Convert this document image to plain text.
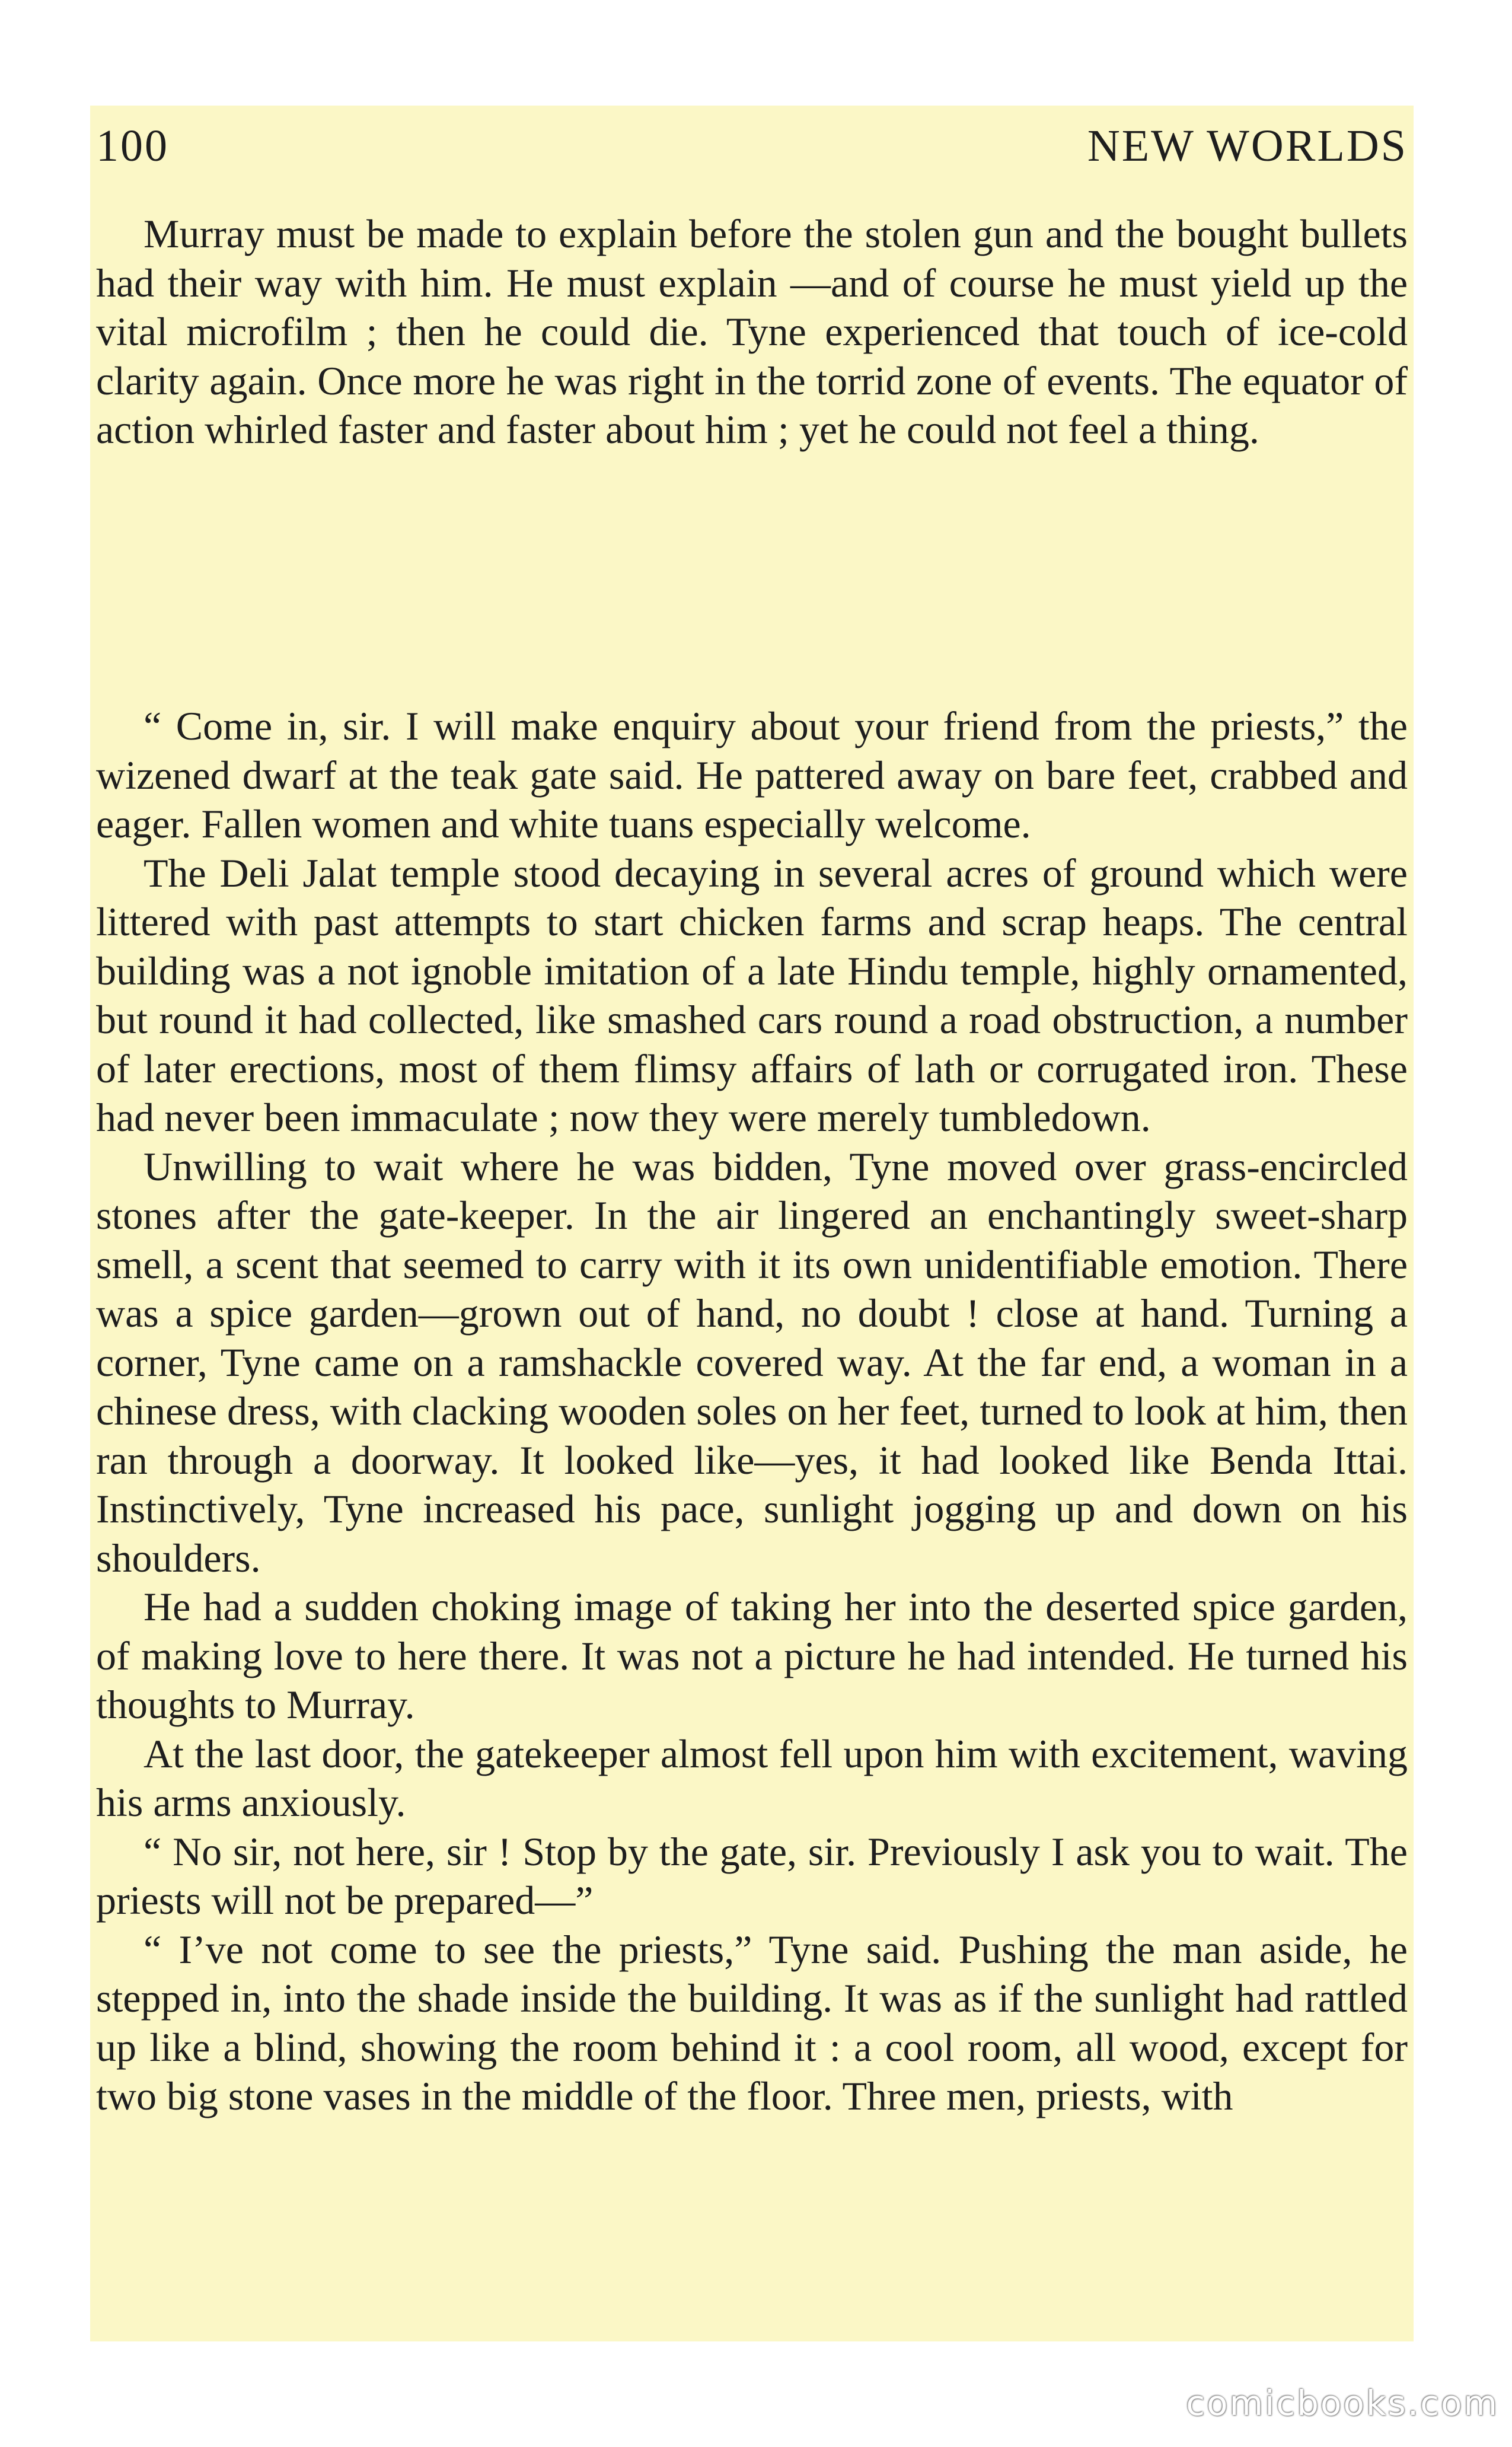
100	NEW WORLDS

Murray must be made to explain before the stolen gun and the bought bullets had their way with him. He must explain —and of course he must yield up the vital microfilm ; then he could die. Tyne experienced that touch of ice-cold clarity again. Once more he was right in the torrid zone of events. The equator of action whirled faster and faster about him ; yet he could not feel a thing.

“ Come in, sir. I will make enquiry about your friend from the priests,” the wizened dwarf at the teak gate said. He pattered away on bare feet, crabbed and eager. Fallen women and white tuans especially welcome.

The Deli Jalat temple stood decaying in several acres of ground which were littered with past attempts to start chicken farms and scrap heaps. The central building was a not ignoble imitation of a late Hindu temple, highly ornamented, but round it had collected, like smashed cars round a road obstruction, a number of later erections, most of them flimsy affairs of lath or corrugated iron. These had never been immaculate ; now they were merely tumbledown.

Unwilling to wait where he was bidden, Tyne moved over grass-encircled stones after the gate-keeper. In the air lingered an enchantingly sweet-sharp smell, a scent that seemed to carry with it its own unidentifiable emotion. There was a spice garden—grown out of hand, no doubt ! close at hand. Turning a corner, Tyne came on a ramshackle covered way. At the far end, a woman in a chinese dress, with clacking wooden soles on her feet, turned to look at him, then ran through a doorway. It looked like—yes, it had looked like Benda Ittai. Instinctively, Tyne increased his pace, sunlight jogging up and down on his shoulders.

He had a sudden choking image of taking her into the deserted spice garden, of making love to here there. It was not a picture he had intended. He turned his thoughts to Murray.

At the last door, the gatekeeper almost fell upon him with excitement, waving his arms anxiously.

“ No sir, not here, sir ! Stop by the gate, sir. Previously I ask you to wait. The priests will not be prepared—”

“ I’ve not come to see the priests,” Tyne said. Pushing the man aside, he stepped in, into the shade inside the building. It was as if the sunlight had rattled up like a blind, showing the room behind it : a cool room, all wood, except for two big stone vases in the middle of the floor. Three men, priests, with

comicbooks.com
